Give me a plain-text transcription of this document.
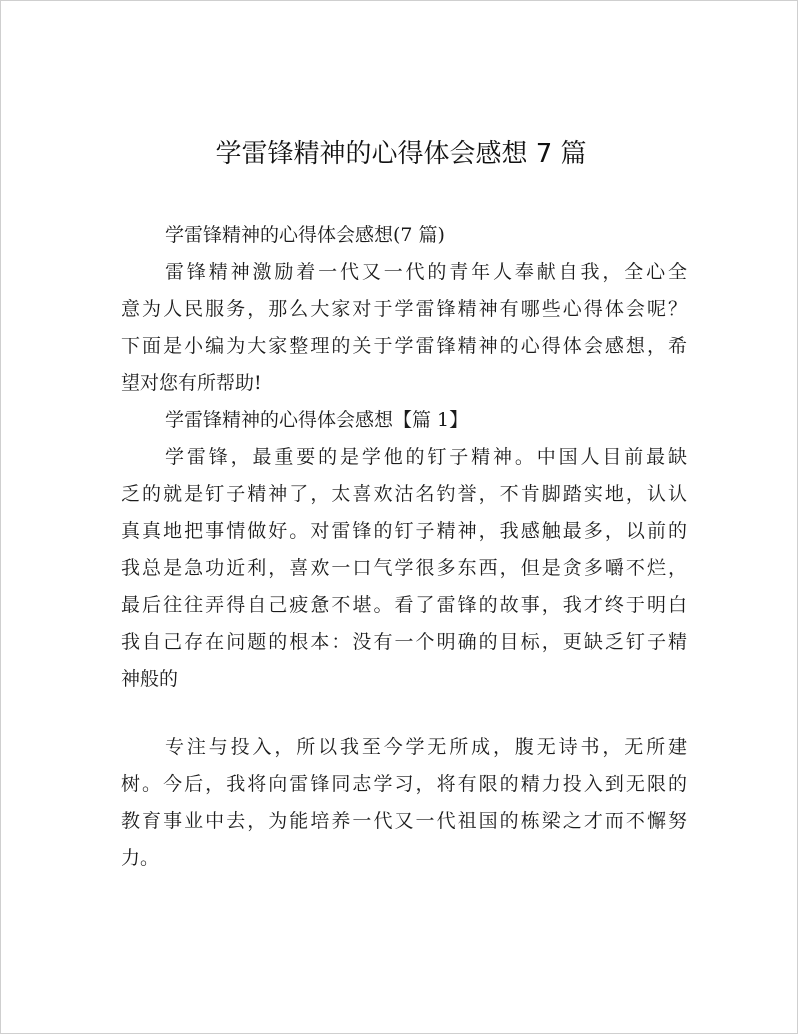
学雷锋精神的心得体会感想 7 篇
学雷锋精神的心得体会感想(7 篇)
雷锋精神激励着一代又一代的青年人奉献自我，全心全
意为人民服务，那么大家对于学雷锋精神有哪些心得体会呢？
下面是小编为大家整理的关于学雷锋精神的心得体会感想，希
望对您有所帮助!
学雷锋精神的心得体会感想【篇 1】
学雷锋，最重要的是学他的钉子精神。中国人目前最缺
乏的就是钉子精神了，太喜欢沽名钓誉，不肯脚踏实地，认认
真真地把事情做好。对雷锋的钉子精神，我感触最多，以前的
我总是急功近利，喜欢一口气学很多东西，但是贪多嚼不烂，
最后往往弄得自己疲惫不堪。看了雷锋的故事，我才终于明白
我自己存在问题的根本：没有一个明确的目标，更缺乏钉子精
神般的
专注与投入，所以我至今学无所成，腹无诗书，无所建
树。今后，我将向雷锋同志学习，将有限的精力投入到无限的
教育事业中去，为能培养一代又一代祖国的栋梁之才而不懈努
力。
